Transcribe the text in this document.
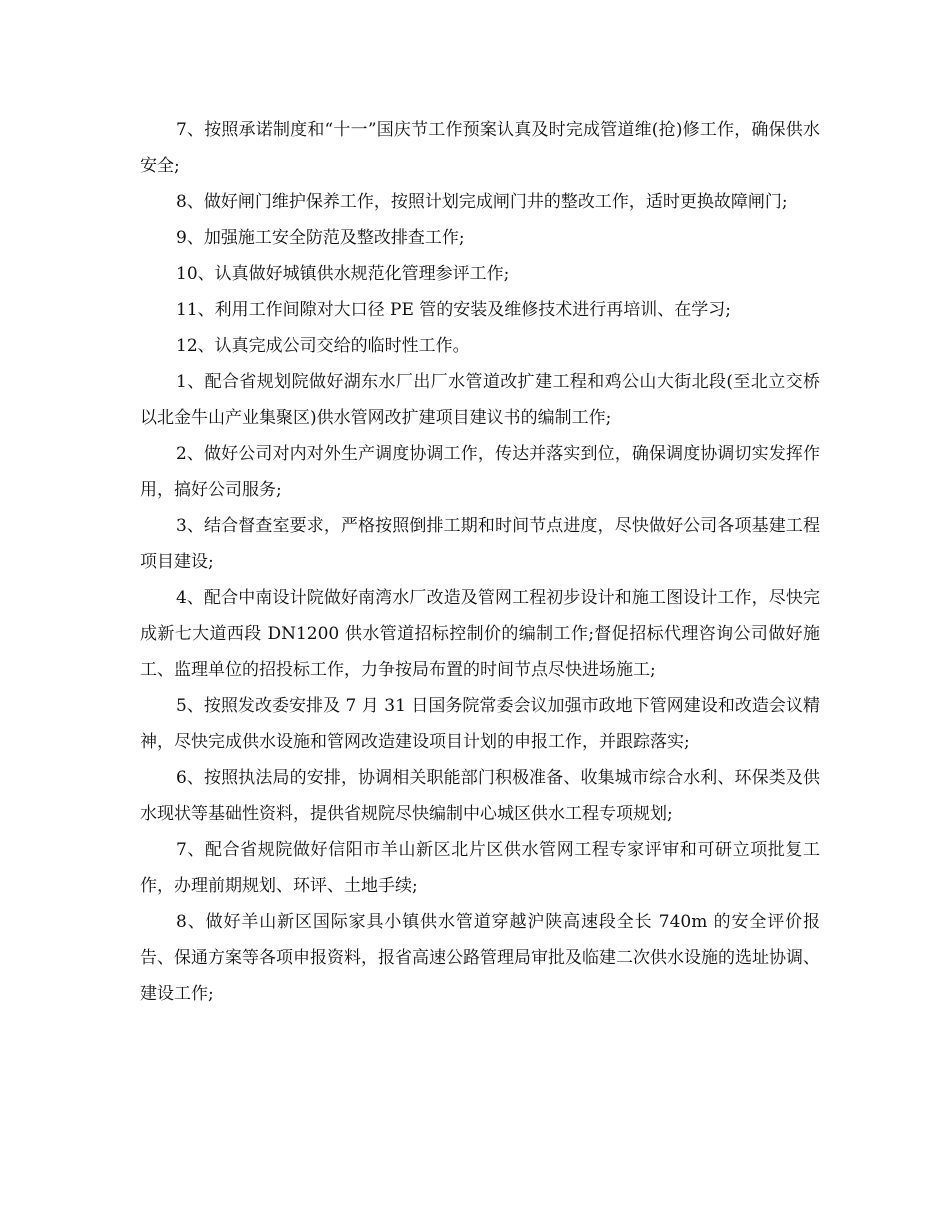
7、按照承诺制度和“十一”国庆节工作预案认真及时完成管道维(抢)修工作，确保供水安全;

8、做好闸门维护保养工作，按照计划完成闸门井的整改工作，适时更换故障闸门;

9、加强施工安全防范及整改排查工作;

10、认真做好城镇供水规范化管理参评工作;

11、利用工作间隙对大口径 PE 管的安装及维修技术进行再培训、在学习;

12、认真完成公司交给的临时性工作。

1、配合省规划院做好湖东水厂出厂水管道改扩建工程和鸡公山大街北段(至北立交桥以北金牛山产业集聚区)供水管网改扩建项目建议书的编制工作;

2、做好公司对内对外生产调度协调工作，传达并落实到位，确保调度协调切实发挥作用，搞好公司服务;

3、结合督查室要求，严格按照倒排工期和时间节点进度，尽快做好公司各项基建工程项目建设;

4、配合中南设计院做好南湾水厂改造及管网工程初步设计和施工图设计工作，尽快完成新七大道西段 DN1200 供水管道招标控制价的编制工作;督促招标代理咨询公司做好施工、监理单位的招投标工作，力争按局布置的时间节点尽快进场施工;

5、按照发改委安排及 7 月 31 日国务院常委会议加强市政地下管网建设和改造会议精神，尽快完成供水设施和管网改造建设项目计划的申报工作，并跟踪落实;

6、按照执法局的安排，协调相关职能部门积极准备、收集城市综合水利、环保类及供水现状等基础性资料，提供省规院尽快编制中心城区供水工程专项规划;

7、配合省规院做好信阳市羊山新区北片区供水管网工程专家评审和可研立项批复工作，办理前期规划、环评、土地手续;

8、做好羊山新区国际家具小镇供水管道穿越沪陕高速段全长 740m 的安全评价报告、保通方案等各项申报资料，报省高速公路管理局审批及临建二次供水设施的选址协调、建设工作;
